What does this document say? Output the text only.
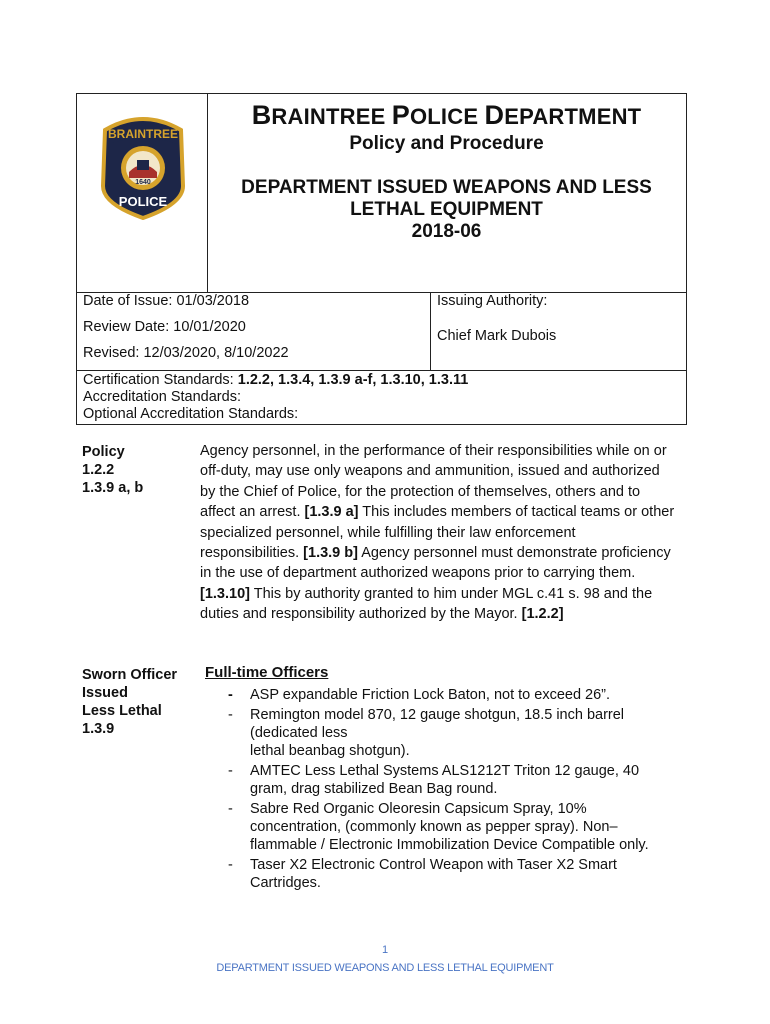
BRAINTREE
1640
POLICE
BRAINTREE POLICE DEPARTMENT
Policy and Procedure
DEPARTMENT ISSUED WEAPONS AND LESS
LETHAL EQUIPMENT
2018-06
Date of Issue: 01/03/2018
Review Date: 10/01/2020
Revised: 12/03/2020, 8/10/2022
Issuing Authority:
Chief Mark Dubois
Certification Standards: 1.2.2, 1.3.4, 1.3.9 a-f, 1.3.10, 1.3.11
Accreditation Standards:
Optional Accreditation Standards:
Policy
1.2.2
1.3.9 a, b
Agency personnel, in the performance of their responsibilities while on or off-duty, may use only weapons and ammunition, issued and authorized by the Chief of Police, for the protection of themselves, others and to affect an arrest. [1.3.9 a] This includes members of tactical teams or other specialized personnel, while fulfilling their law enforcement responsibilities. [1.3.9 b] Agency personnel must demonstrate proficiency in the use of department authorized weapons prior to carrying them. [1.3.10] This by authority granted to him under MGL c.41 s. 98 and the duties and responsibility authorized by the Mayor. [1.2.2]
Sworn Officer
Issued
Less Lethal
1.3.9
Full-time Officers
- ASP expandable Friction Lock Baton, not to exceed 26”.
- Remington model 870, 12 gauge shotgun, 18.5 inch barrel
(dedicated less
lethal beanbag shotgun).
- AMTEC Less Lethal Systems ALS1212T Triton 12 gauge, 40
gram, drag stabilized Bean Bag round.
- Sabre Red Organic Oleoresin Capsicum Spray, 10%
concentration, (commonly known as pepper spray). Non–
flammable / Electronic Immobilization Device Compatible only.
- Taser X2 Electronic Control Weapon with Taser X2 Smart
Cartridges.
1
DEPARTMENT ISSUED WEAPONS AND LESS LETHAL EQUIPMENT
